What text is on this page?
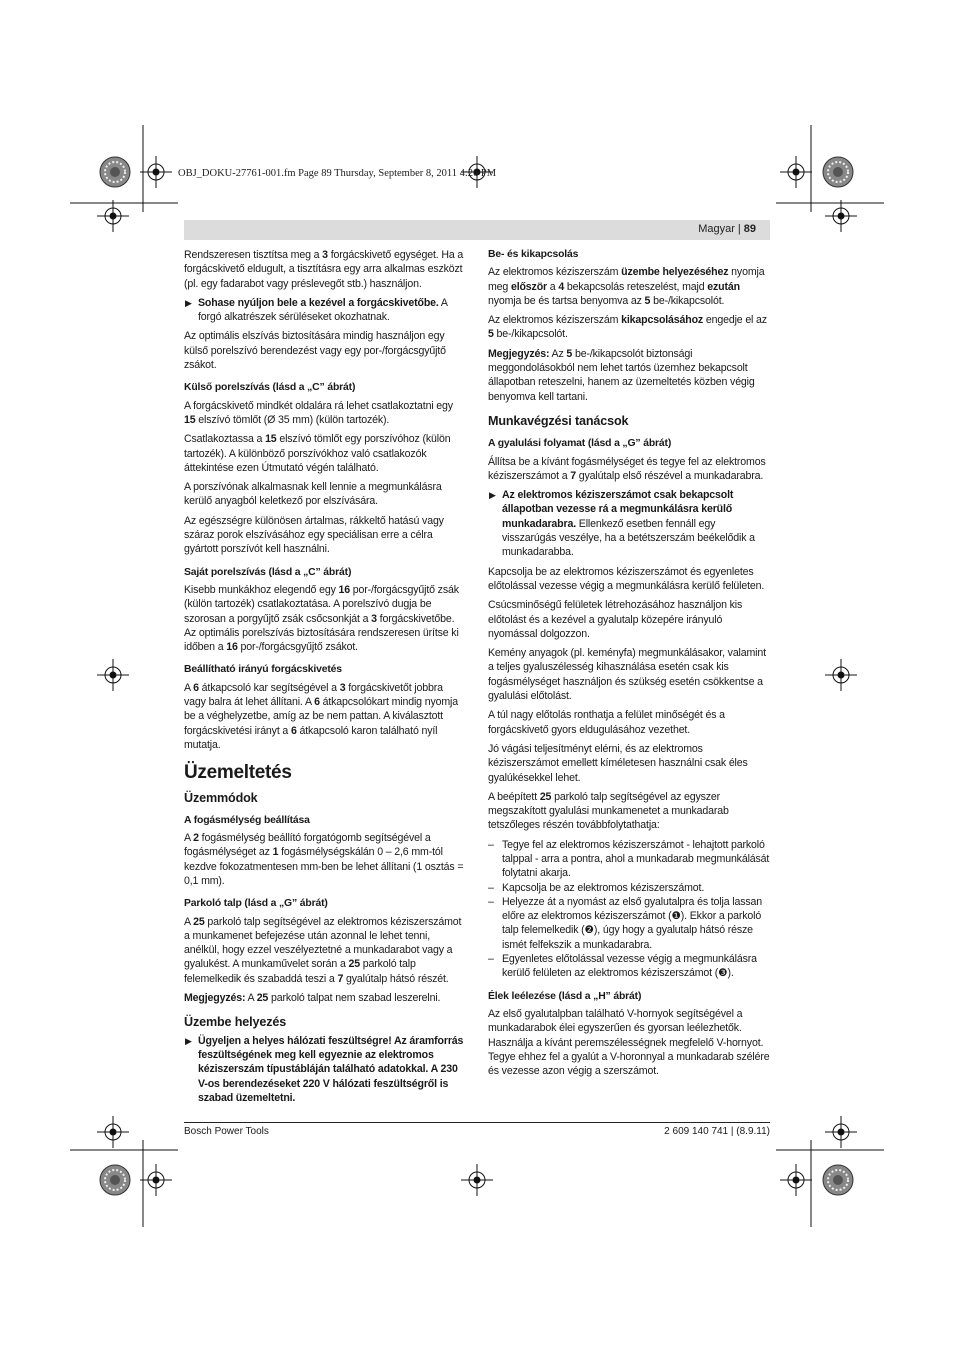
OBJ_DOKU-27761-001.fm Page 89 Thursday, September 8, 2011 4:26 PM
Magyar | 89

Rendszeresen tisztítsa meg a 3 forgácskivető egységet. Ha a forgácskivető eldugult, a tisztításra egy arra alkalmas eszközt (pl. egy fadarabot vagy préslevegőt stb.) használjon.

▶ Sohase nyúljon bele a kezével a forgácskivetőbe. A forgó alkatrészek sérüléseket okozhatnak.

Az optimális elszívás biztosítására mindig használjon egy külső porelszívó berendezést vagy egy por-/forgácsgyűjtő zsákot.

Külső porelszívás (lásd a „C” ábrát)

A forgácskivető mindkét oldalára rá lehet csatlakoztatni egy 15 elszívó tömlőt (Ø 35 mm) (külön tartozék).

Csatlakoztassa a 15 elszívó tömlőt egy porszívóhoz (külön tartozék). A különböző porszívókhoz való csatlakozók áttekintése ezen Útmutató végén található.

A porszívónak alkalmasnak kell lennie a megmunkálásra kerülő anyagból keletkező por elszívására.

Az egészségre különösen ártalmas, rákkeltő hatású vagy száraz porok elszívásához egy speciálisan erre a célra gyártott porszívót kell használni.

Saját porelszívás (lásd a „C” ábrát)

Kisebb munkákhoz elegendő egy 16 por-/forgácsgyűjtő zsák (külön tartozék) csatlakoztatása. A porelszívó dugja be szorosan a porgyűjtő zsák csőcsonkját a 3 forgácskivetőbe. Az optimális porelszívás biztosítására rendszeresen ürítse ki időben a 16 por-/forgácsgyűjtő zsákot.

Beállítható irányú forgácskivetés

A 6 átkapcsoló kar segítségével a 3 forgácskivetőt jobbra vagy balra át lehet állítani. A 6 átkapcsolókart mindig nyomja be a véghelyzetbe, amíg az be nem pattan. A kiválasztott forgácskivetési irányt a 6 átkapcsoló karon található nyíl mutatja.

Üzemeltetés
Üzemmódok
A fogásmélység beállítása

A 2 fogásmélység beállító forgatógomb segítségével a fogásmélységet az 1 fogásmélységskálán 0 – 2,6 mm-tól kezdve fokozatmentesen mm-ben be lehet állítani (1 osztás = 0,1 mm).

Parkoló talp (lásd a „G” ábrát)

A 25 parkoló talp segítségével az elektromos kéziszerszámot a munkamenet befejezése után azonnal le lehet tenni, anélkül, hogy ezzel veszélyeztetné a munkadarabot vagy a gyalukést. A munkaművelet során a 25 parkoló talp felemelkedik és szabaddá teszi a 7 gyalútalp hátsó részét.

Megjegyzés: A 25 parkoló talpat nem szabad leszerelni.

Üzembe helyezés
▶ Ügyeljen a helyes hálózati feszültségre! Az áramforrás feszültségének meg kell egyeznie az elektromos kéziszerszám típustábláján található adatokkal. A 230 V-os berendezéseket 220 V hálózati feszültségről is szabad üzemeltetni.
Be- és kikapcsolás

Az elektromos kéziszerszám üzembe helyezéséhez nyomja meg először a 4 bekapcsolás reteszelést, majd ezután nyomja be és tartsa benyomva az 5 be-/kikapcsolót.

Az elektromos kéziszerszám kikapcsolásához engedje el az 5 be-/kikapcsolót.

Megjegyzés: Az 5 be-/kikapcsolót biztonsági meggondolásokból nem lehet tartós üzemhez bekapcsolt állapotban reteszelni, hanem az üzemeltetés közben végig benyomva kell tartani.

Munkavégzési tanácsok
A gyalulási folyamat (lásd a „G” ábrát)

Állítsa be a kívánt fogásmélységet és tegye fel az elektromos kéziszerszámot a 7 gyalútalp első részével a munkadarabra.

▶ Az elektromos kéziszerszámot csak bekapcsolt állapotban vezesse rá a megmunkálásra kerülő munkadarabra. Ellenkező esetben fennáll egy visszarúgás veszélye, ha a betétszerszám beékelődik a munkadarabba.

Kapcsolja be az elektromos kéziszerszámot és egyenletes előtolással vezesse végig a megmunkálásra kerülő felületen.

Csúcsminőségű felületek létrehozásához használjon kis előtolást és a kezével a gyalutalp közepére irányuló nyomással dolgozzon.

Kemény anyagok (pl. keményfa) megmunkálásakor, valamint a teljes gyaluszélesség kihasználása esetén csak kis fogásmélységet használjon és szükség esetén csökkentse a gyalulási előtolást.

A túl nagy előtolás ronthatja a felület minőségét és a forgácskivető gyors eldugulásához vezethet.

Jó vágási teljesítményt elérni, és az elektromos kéziszerszámot emellett kíméletesen használni csak éles gyalúkésekkel lehet.

A beépített 25 parkoló talp segítségével az egyszer megszakított gyalulási munkamenetet a munkadarab tetszőleges részén továbbfolytathatja:

– Tegye fel az elektromos kéziszerszámot - lehajtott parkoló talppal - arra a pontra, ahol a munkadarab megmunkálását folytatni akarja.
– Kapcsolja be az elektromos kéziszerszámot.
– Helyezze át a nyomást az első gyalutalpra és tolja lassan előre az elektromos kéziszerszámot (❶). Ekkor a parkoló talp felemelkedik (❷), úgy hogy a gyalutalp hátsó része ismét felfekszik a munkadarabra.
– Egyenletes előtolással vezesse végig a megmunkálásra kerülő felületen az elektromos kéziszerszámot (❸).
Élek leélezése (lásd a „H” ábrát)

Az első gyalutalpban található V-hornyok segítségével a munkadarabok élei egyszerűen és gyorsan leélezhetők. Használja a kívánt peremszélességnek megfelelő V-hornyot. Tegye ehhez fel a gyalút a V-horonnyal a munkadarab szélére és vezesse azon végig a szerszámot.

Bosch Power Tools	2 609 140 741 | (8.9.11)
